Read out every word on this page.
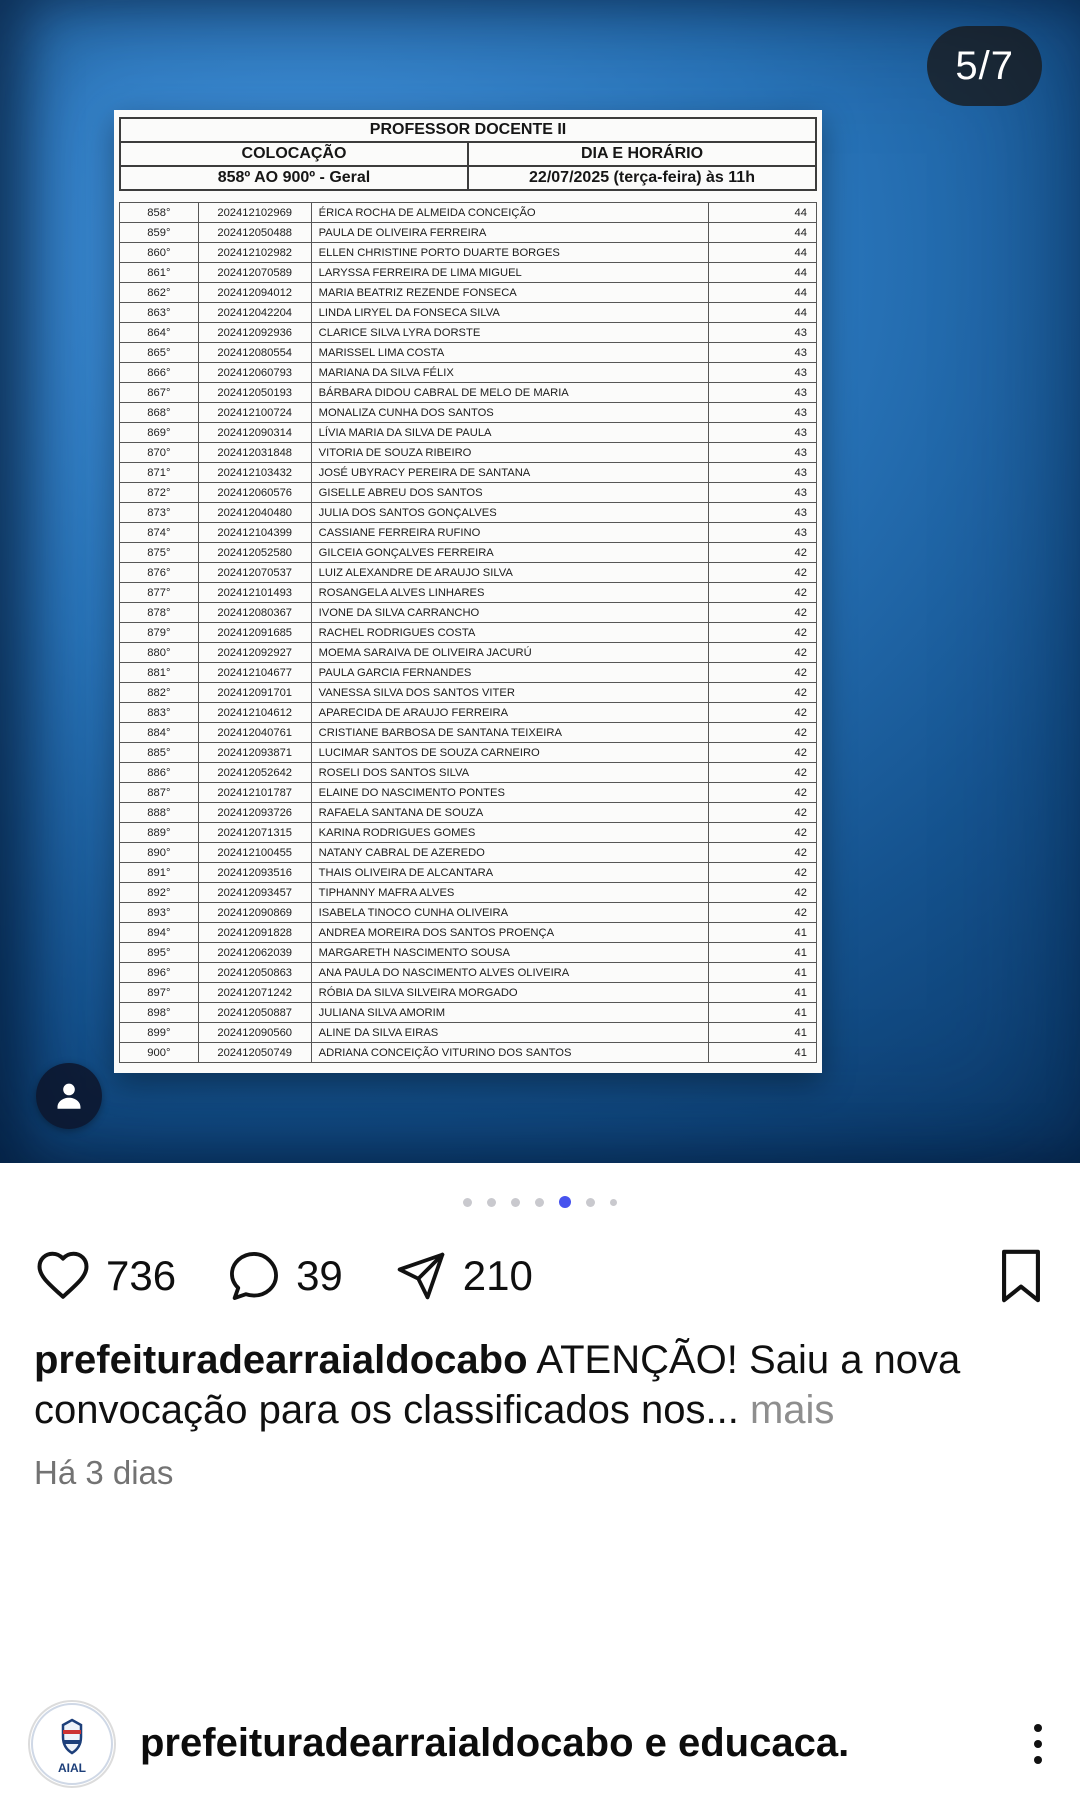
5/7
PROFESSOR DOCENTE II	
COLOCAÇÃO	DIA E HORÁRIO
858º AO 900º - Geral	22/07/2025 (terça-feira) às 11h
858°	202412102969	ÉRICA ROCHA DE ALMEIDA CONCEIÇÃO	44
859°	202412050488	PAULA DE OLIVEIRA FERREIRA	44
860°	202412102982	ELLEN CHRISTINE PORTO DUARTE BORGES	44
861°	202412070589	LARYSSA FERREIRA DE LIMA MIGUEL	44
862°	202412094012	MARIA BEATRIZ REZENDE FONSECA	44
863°	202412042204	LINDA LIRYEL DA FONSECA SILVA	44
864°	202412092936	CLARICE SILVA LYRA DORSTE	43
865°	202412080554	MARISSEL LIMA COSTA	43
866°	202412060793	MARIANA DA SILVA FÉLIX	43
867°	202412050193	BÁRBARA DIDOU CABRAL DE MELO DE MARIA	43
868°	202412100724	MONALIZA CUNHA DOS SANTOS	43
869°	202412090314	LÍVIA MARIA DA SILVA DE PAULA	43
870°	202412031848	VITORIA DE SOUZA RIBEIRO	43
871°	202412103432	JOSÉ UBYRACY PEREIRA DE SANTANA	43
872°	202412060576	GISELLE ABREU DOS SANTOS	43
873°	202412040480	JULIA DOS SANTOS GONÇALVES	43
874°	202412104399	CASSIANE FERREIRA RUFINO	43
875°	202412052580	GILCEIA GONÇALVES FERREIRA	42
876°	202412070537	LUIZ ALEXANDRE DE ARAUJO SILVA	42
877°	202412101493	ROSANGELA ALVES LINHARES	42
878°	202412080367	IVONE DA SILVA CARRANCHO	42
879°	202412091685	RACHEL RODRIGUES COSTA	42
880°	202412092927	MOEMA SARAIVA DE OLIVEIRA JACURÚ	42
881°	202412104677	PAULA GARCIA FERNANDES	42
882°	202412091701	VANESSA SILVA DOS SANTOS VITER	42
883°	202412104612	APARECIDA DE ARAUJO FERREIRA	42
884°	202412040761	CRISTIANE BARBOSA DE SANTANA TEIXEIRA	42
885°	202412093871	LUCIMAR SANTOS DE SOUZA CARNEIRO	42
886°	202412052642	ROSELI DOS SANTOS SILVA	42
887°	202412101787	ELAINE DO NASCIMENTO PONTES	42
888°	202412093726	RAFAELA SANTANA DE SOUZA	42
889°	202412071315	KARINA RODRIGUES GOMES	42
890°	202412100455	NATANY CABRAL DE AZEREDO	42
891°	202412093516	THAIS OLIVEIRA DE ALCANTARA	42
892°	202412093457	TIPHANNY MAFRA ALVES	42
893°	202412090869	ISABELA TINOCO CUNHA OLIVEIRA	42
894°	202412091828	ANDREA MOREIRA DOS SANTOS PROENÇA	41
895°	202412062039	MARGARETH NASCIMENTO SOUSA	41
896°	202412050863	ANA PAULA DO NASCIMENTO ALVES OLIVEIRA	41
897°	202412071242	RÓBIA DA SILVA SILVEIRA MORGADO	41
898°	202412050887	JULIANA SILVA AMORIM	41
899°	202412090560	ALINE DA SILVA EIRAS	41
900°	202412050749	ADRIANA CONCEIÇÃO VITURINO DOS SANTOS	41
736	39	210
prefeituradearraialdocabo ATENÇÃO! Saiu a nova convocação para os classificados nos... mais
Há 3 dias
AIAL
prefeituradearraialdocabo e educaca.
